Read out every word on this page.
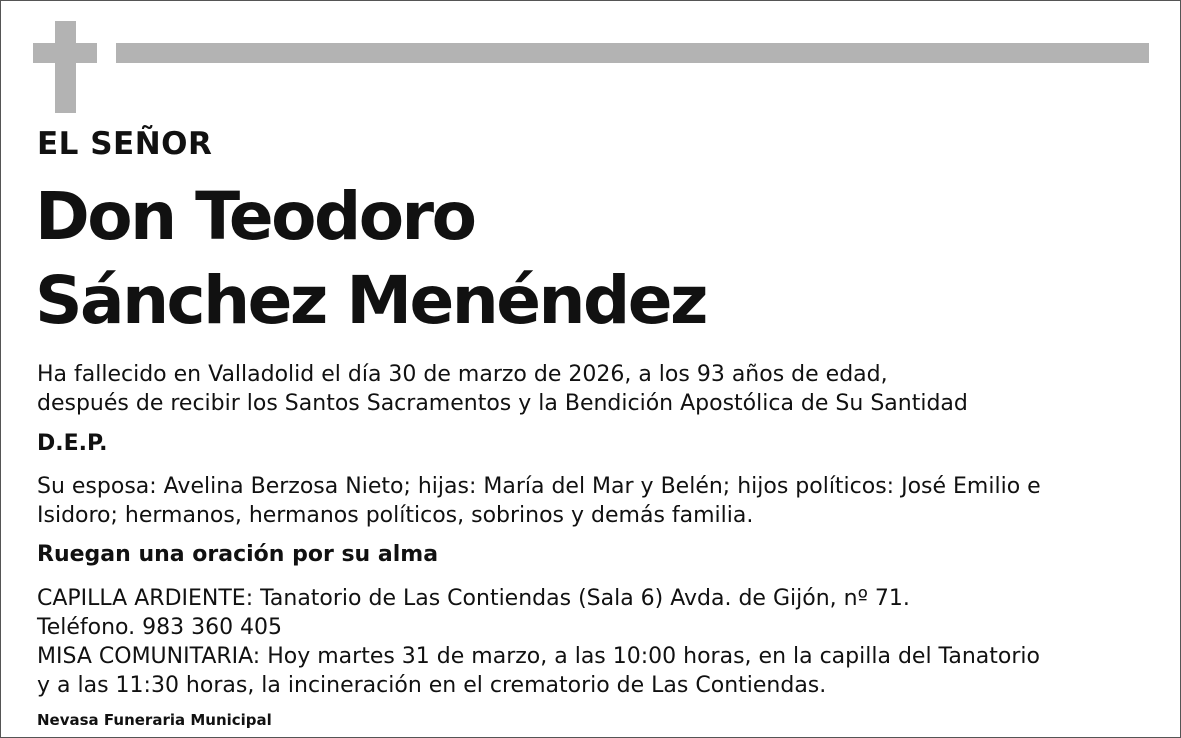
EL SEÑOR
Don Teodoro
Sánchez Menéndez
Ha fallecido en Valladolid el día 30 de marzo de 2026, a los 93 años de edad,
después de recibir los Santos Sacramentos y la Bendición Apostólica de Su Santidad
D.E.P.
Su esposa: Avelina Berzosa Nieto; hijas: María del Mar y Belén; hijos políticos: José Emilio e
Isidoro; hermanos, hermanos políticos, sobrinos y demás familia.
Ruegan una oración por su alma
CAPILLA ARDIENTE: Tanatorio de Las Contiendas (Sala 6) Avda. de Gijón, nº 71.
Teléfono. 983 360 405
MISA COMUNITARIA: Hoy martes 31 de marzo, a las 10:00 horas, en la capilla del Tanatorio
y a las 11:30 horas, la incineración en el crematorio de Las Contiendas.
Nevasa Funeraria Municipal
